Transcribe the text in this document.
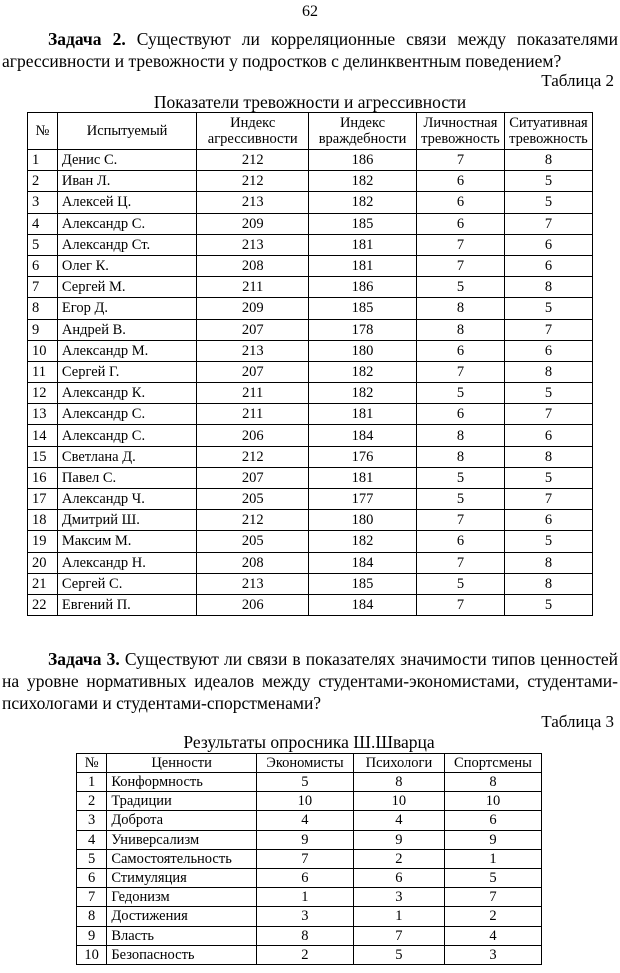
62
Задача 2. Существуют ли корреляционные связи между показателями агрессивности и тревожности у подростков с делинквентным поведением?
Таблица 2
Показатели тревожности и агрессивности
№	Испытуемый	Индекс агрессивности	Индекс враждебности	Личностная тревожность	Ситуативная тревожность
1	Денис С.	212	186	7	8
2	Иван Л.	212	182	6	5
3	Алексей Ц.	213	182	6	5
4	Александр С.	209	185	6	7
5	Александр Ст.	213	181	7	6
6	Олег К.	208	181	7	6
7	Сергей М.	211	186	5	8
8	Егор Д.	209	185	8	5
9	Андрей В.	207	178	8	7
10	Александр М.	213	180	6	6
11	Сергей Г.	207	182	7	8
12	Александр К.	211	182	5	5
13	Александр С.	211	181	6	7
14	Александр С.	206	184	8	6
15	Светлана Д.	212	176	8	8
16	Павел С.	207	181	5	5
17	Александр Ч.	205	177	5	7
18	Дмитрий Ш.	212	180	7	6
19	Максим М.	205	182	6	5
20	Александр Н.	208	184	7	8
21	Сергей С.	213	185	5	8
22	Евгений П.	206	184	7	5
Задача 3. Существуют ли связи в показателях значимости типов ценностей на уровне нормативных идеалов между студентами-экономистами, студентами-психологами и студентами-спорстменами?
Таблица 3
Результаты опросника Ш.Шварца
№	Ценности	Экономисты	Психологи	Спортсмены
1	Конформность	5	8	8
2	Традиции	10	10	10
3	Доброта	4	4	6
4	Универсализм	9	9	9
5	Самостоятельность	7	2	1
6	Стимуляция	6	6	5
7	Гедонизм	1	3	7
8	Достижения	3	1	2
9	Власть	8	7	4
10	Безопасность	2	5	3
